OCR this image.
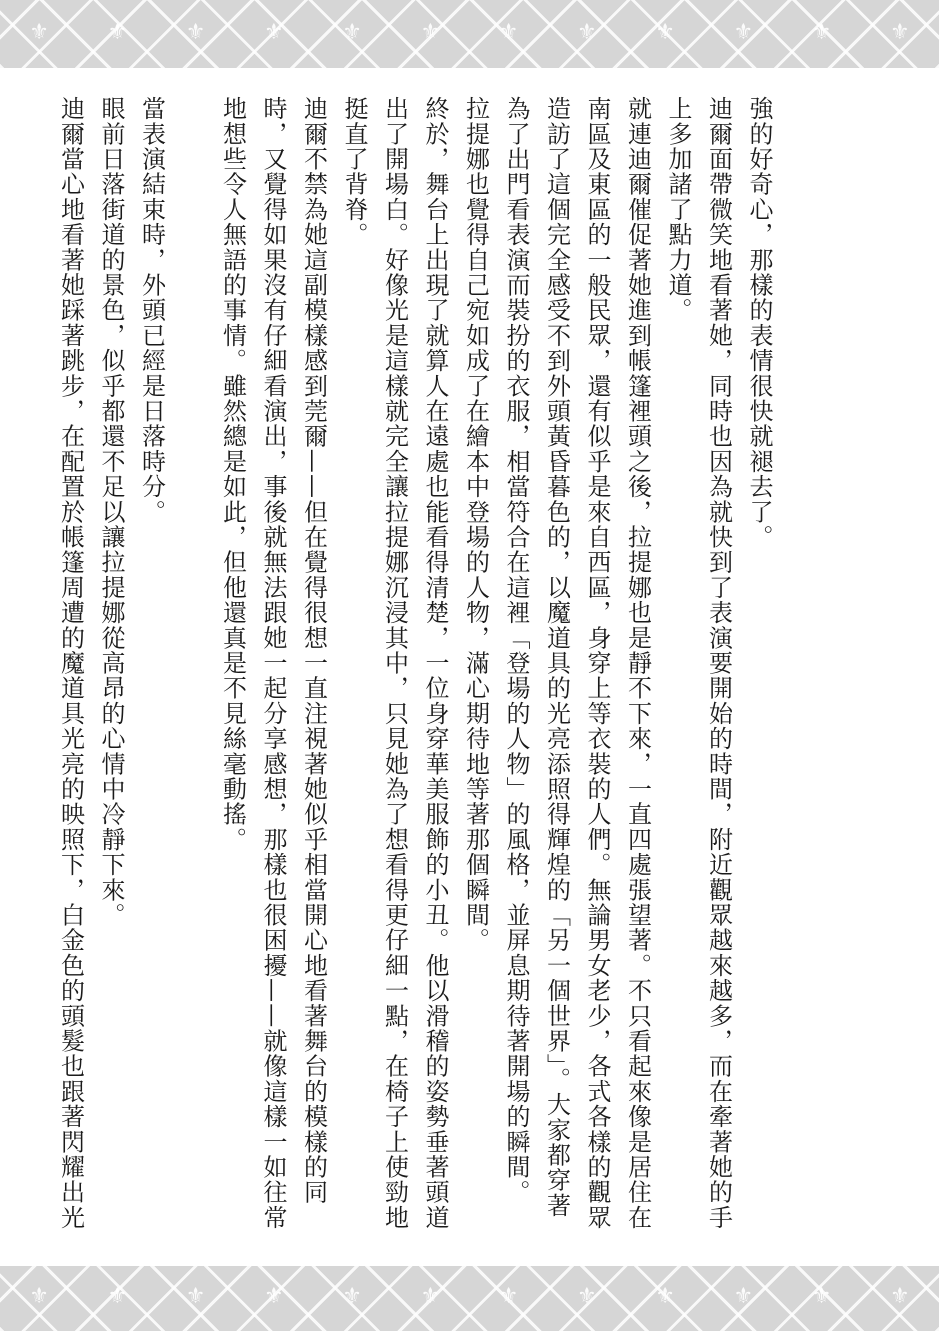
⚜	⚜	⚜	⚜	⚜	⚜	⚜	⚜	⚜	⚜	⚜	⚜

強的好奇心，那樣的表情很快就褪去了。

迪爾面帶微笑地看著她，同時也因為就快到了表演要開始的時間，附近觀眾越來越多，而在牽著她的手上多加諸了點力道。

就連迪爾催促著她進到帳篷裡頭之後，拉提娜也是靜不下來，一直四處張望著。不只看起來像是居住在南區及東區的一般民眾，還有似乎是來自西區，身穿上等衣裝的人們。無論男女老少，各式各樣的觀眾造訪了這個完全感受不到外頭黃昏暮色的，以魔道具的光亮添照得輝煌的「另一個世界」。大家都穿著為了出門看表演而裝扮的衣服，相當符合在這裡「登場的人物」的風格，並屏息期待著開場的瞬間。

拉提娜也覺得自己宛如成了在繪本中登場的人物，滿心期待地等著那個瞬間。

終於，舞台上出現了就算人在遠處也能看得清楚，一位身穿華美服飾的小丑。他以滑稽的姿勢垂著頭道出了開場白。好像光是這樣就完全讓拉提娜沉浸其中，只見她為了想看得更仔細一點，在椅子上使勁地挺直了背脊。

迪爾不禁為她這副模樣感到莞爾——但在覺得很想一直注視著她似乎相當開心地看著舞台的模樣的同時，又覺得如果沒有仔細看演出，事後就無法跟她一起分享感想，那樣也很困擾——就像這樣一如往常地想些令人無語的事情。雖然總是如此，但他還真是不見絲毫動搖。

當表演結束時，外頭已經是日落時分。

眼前日落街道的景色，似乎都還不足以讓拉提娜從高昂的心情中冷靜下來。

迪爾當心地看著她踩著跳步，在配置於帳篷周遭的魔道具光亮的映照下，白金色的頭髮也跟著閃耀出光

⚜	⚜	⚜	⚜	⚜	⚜	⚜	⚜	⚜	⚜	⚜	⚜
